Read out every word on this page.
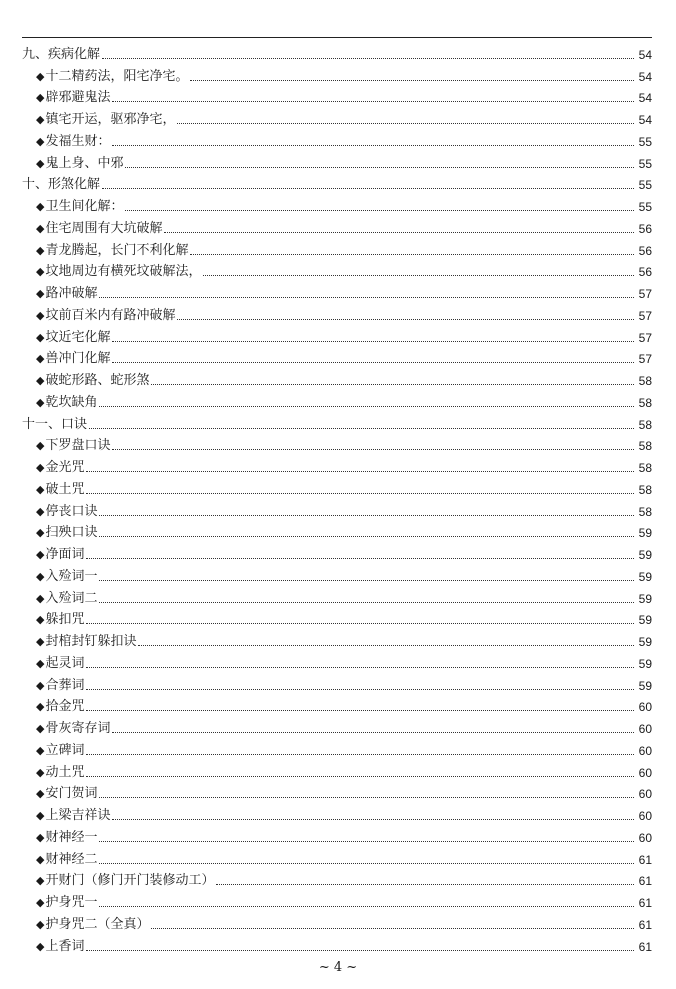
九、疾病化解	54
◆十二精药法，阳宅净宅。	54
◆辟邪避鬼法	54
◆镇宅开运，驱邪净宅，	54
◆发福生财：	55
◆鬼上身、中邪	55
十、形煞化解	55
◆卫生间化解：	55
◆住宅周围有大坑破解	56
◆青龙腾起，长门不利化解	56
◆坟地周边有横死坟破解法，	56
◆路冲破解	57
◆坟前百米内有路冲破解	57
◆坟近宅化解	57
◆兽冲门化解	57
◆破蛇形路、蛇形煞	58
◆乾坎缺角	58
十一、口诀	58
◆下罗盘口诀	58
◆金光咒	58
◆破土咒	58
◆停丧口诀	58
◆扫殃口诀	59
◆净面词	59
◆入殓词一	59
◆入殓词二	59
◆躲扣咒	59
◆封棺封钉躲扣诀	59
◆起灵词	59
◆合葬词	59
◆拾金咒	60
◆骨灰寄存词	60
◆立碑词	60
◆动土咒	60
◆安门贺词	60
◆上梁吉祥诀	60
◆财神经一	60
◆财神经二	61
◆开财门（修门开门装修动工）	61
◆护身咒一	61
◆护身咒二（全真）	61
◆上香词	61
~ 4 ~
